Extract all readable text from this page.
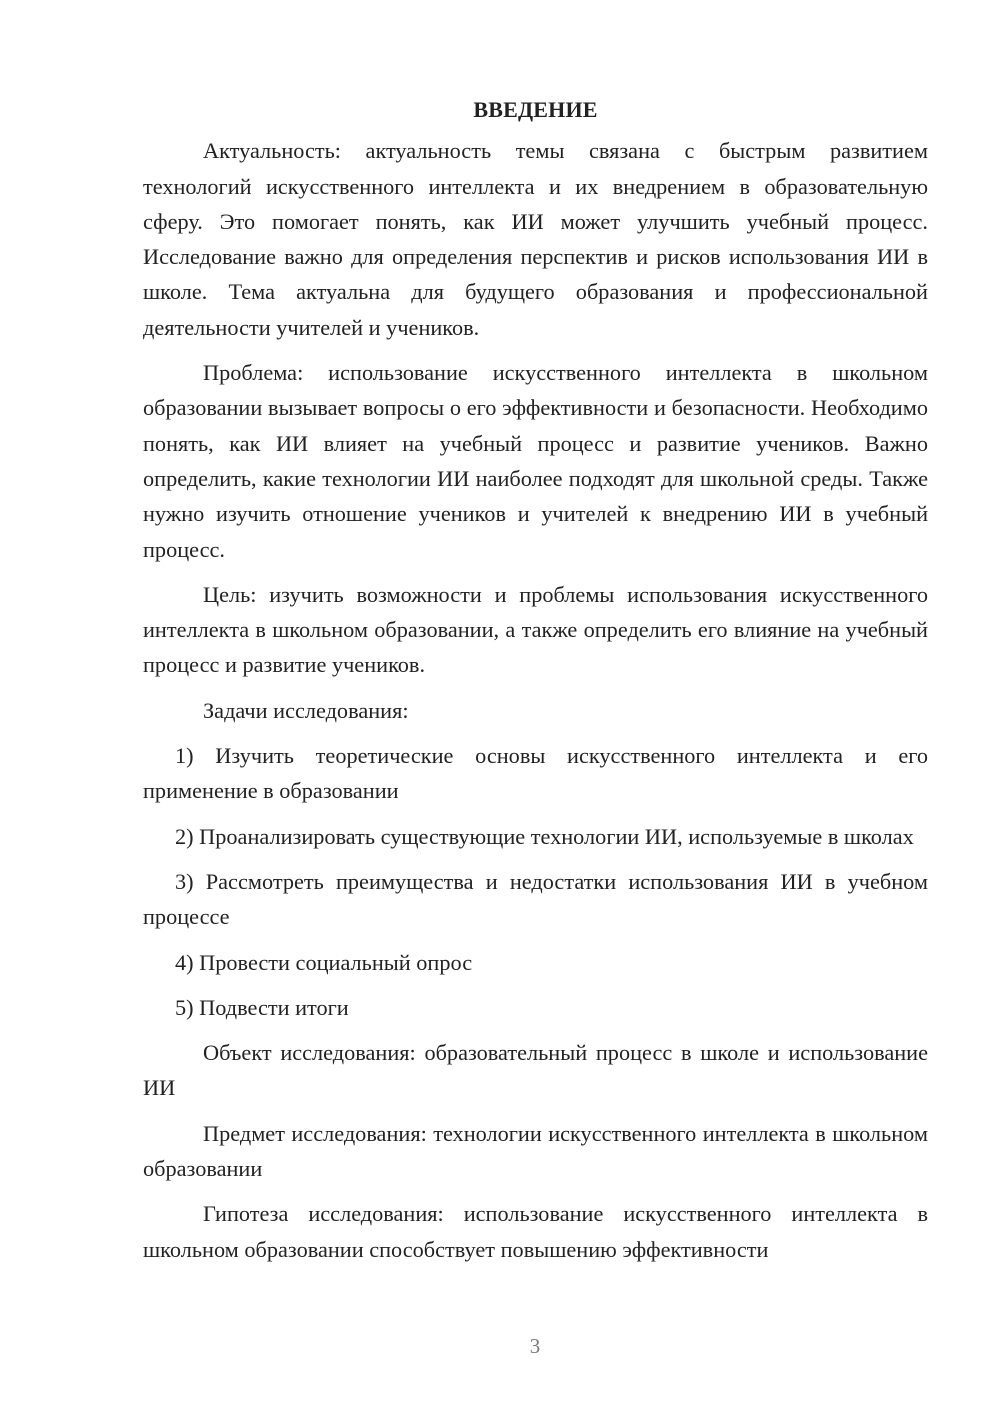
ВВЕДЕНИЕ

Актуальность: актуальность темы связана с быстрым развитием технологий искусственного интеллекта и их внедрением в образовательную сферу. Это помогает понять, как ИИ может улучшить учебный процесс. Исследование важно для определения перспектив и рисков использования ИИ в школе. Тема актуальна для будущего образования и профессиональной деятельности учителей и учеников.

Проблема: использование искусственного интеллекта в школьном образовании вызывает вопросы о его эффективности и безопасности. Необходимо понять, как ИИ влияет на учебный процесс и развитие учеников. Важно определить, какие технологии ИИ наиболее подходят для школьной среды. Также нужно изучить отношение учеников и учителей к внедрению ИИ в учебный процесс.

Цель: изучить возможности и проблемы использования искусственного интеллекта в школьном образовании, а также определить его влияние на учебный процесс и развитие учеников.

Задачи исследования:

1) Изучить теоретические основы искусственного интеллекта и его применение в образовании

2) Проанализировать существующие технологии ИИ, используемые в школах

3) Рассмотреть преимущества и недостатки использования ИИ в учебном процессе

4) Провести социальный опрос

5) Подвести итоги

Объект исследования: образовательный процесс в школе и использование ИИ

Предмет исследования: технологии искусственного интеллекта в школьном образовании

Гипотеза исследования: использование искусственного интеллекта в школьном образовании способствует повышению эффективности

3
